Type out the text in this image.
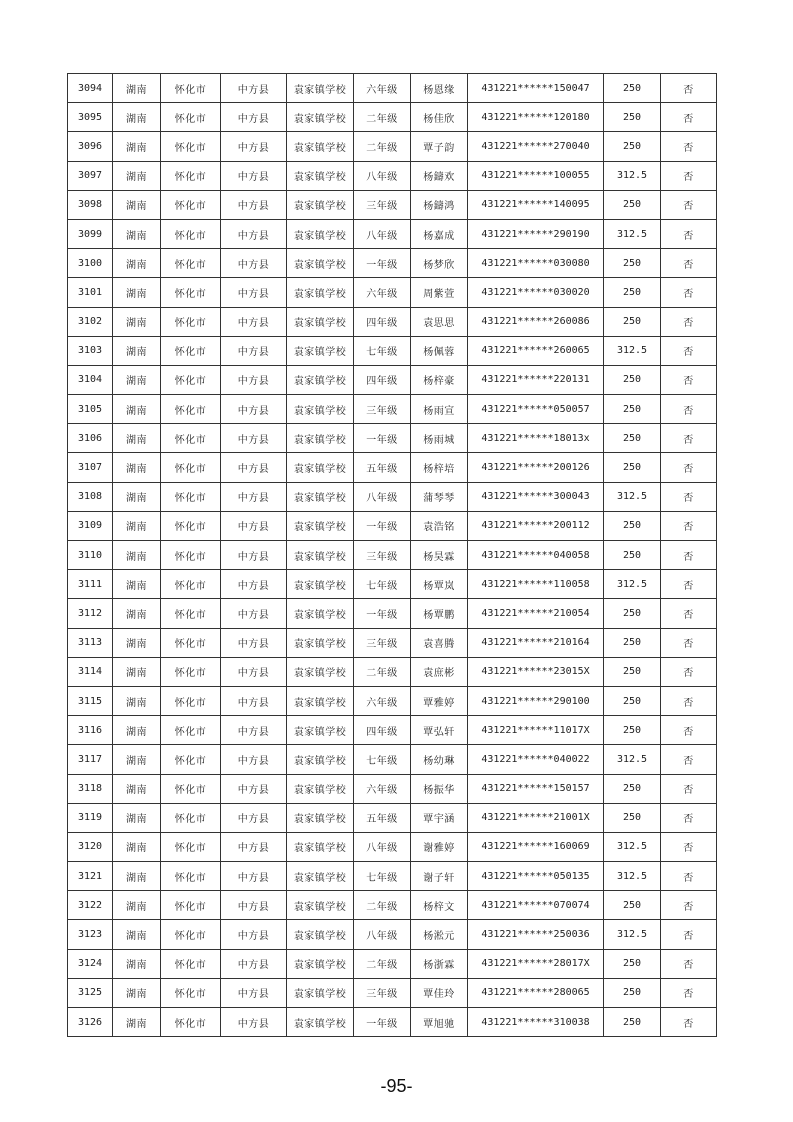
3094	湖南	怀化市	中方县	袁家镇学校	六年级	杨恩缘	431221******150047	250	否
3095	湖南	怀化市	中方县	袁家镇学校	二年级	杨佳欣	431221******120180	250	否
3096	湖南	怀化市	中方县	袁家镇学校	二年级	覃子韵	431221******270040	250	否
3097	湖南	怀化市	中方县	袁家镇学校	八年级	杨鑄欢	431221******100055	312.5	否
3098	湖南	怀化市	中方县	袁家镇学校	三年级	杨鑄鸿	431221******140095	250	否
3099	湖南	怀化市	中方县	袁家镇学校	八年级	杨嘉成	431221******290190	312.5	否
3100	湖南	怀化市	中方县	袁家镇学校	一年级	杨梦欣	431221******030080	250	否
3101	湖南	怀化市	中方县	袁家镇学校	六年级	周紫萱	431221******030020	250	否
3102	湖南	怀化市	中方县	袁家镇学校	四年级	袁思思	431221******260086	250	否
3103	湖南	怀化市	中方县	袁家镇学校	七年级	杨佩蓉	431221******260065	312.5	否
3104	湖南	怀化市	中方县	袁家镇学校	四年级	杨梓豪	431221******220131	250	否
3105	湖南	怀化市	中方县	袁家镇学校	三年级	杨雨宣	431221******050057	250	否
3106	湖南	怀化市	中方县	袁家镇学校	一年级	杨雨城	431221******18013x	250	否
3107	湖南	怀化市	中方县	袁家镇学校	五年级	杨梓培	431221******200126	250	否
3108	湖南	怀化市	中方县	袁家镇学校	八年级	蒲琴琴	431221******300043	312.5	否
3109	湖南	怀化市	中方县	袁家镇学校	一年级	袁浩铭	431221******200112	250	否
3110	湖南	怀化市	中方县	袁家镇学校	三年级	杨昊霖	431221******040058	250	否
3111	湖南	怀化市	中方县	袁家镇学校	七年级	杨覃岚	431221******110058	312.5	否
3112	湖南	怀化市	中方县	袁家镇学校	一年级	杨覃鹏	431221******210054	250	否
3113	湖南	怀化市	中方县	袁家镇学校	三年级	袁喜腾	431221******210164	250	否
3114	湖南	怀化市	中方县	袁家镇学校	二年级	袁庶彬	431221******23015X	250	否
3115	湖南	怀化市	中方县	袁家镇学校	六年级	覃雅婷	431221******290100	250	否
3116	湖南	怀化市	中方县	袁家镇学校	四年级	覃弘轩	431221******11017X	250	否
3117	湖南	怀化市	中方县	袁家镇学校	七年级	杨幼琳	431221******040022	312.5	否
3118	湖南	怀化市	中方县	袁家镇学校	六年级	杨振华	431221******150157	250	否
3119	湖南	怀化市	中方县	袁家镇学校	五年级	覃宇涵	431221******21001X	250	否
3120	湖南	怀化市	中方县	袁家镇学校	八年级	谢雅婷	431221******160069	312.5	否
3121	湖南	怀化市	中方县	袁家镇学校	七年级	谢子轩	431221******050135	312.5	否
3122	湖南	怀化市	中方县	袁家镇学校	二年级	杨梓文	431221******070074	250	否
3123	湖南	怀化市	中方县	袁家镇学校	八年级	杨淞元	431221******250036	312.5	否
3124	湖南	怀化市	中方县	袁家镇学校	二年级	杨浙霖	431221******28017X	250	否
3125	湖南	怀化市	中方县	袁家镇学校	三年级	覃佳玲	431221******280065	250	否
3126	湖南	怀化市	中方县	袁家镇学校	一年级	覃旭驰	431221******310038	250	否
-95-
